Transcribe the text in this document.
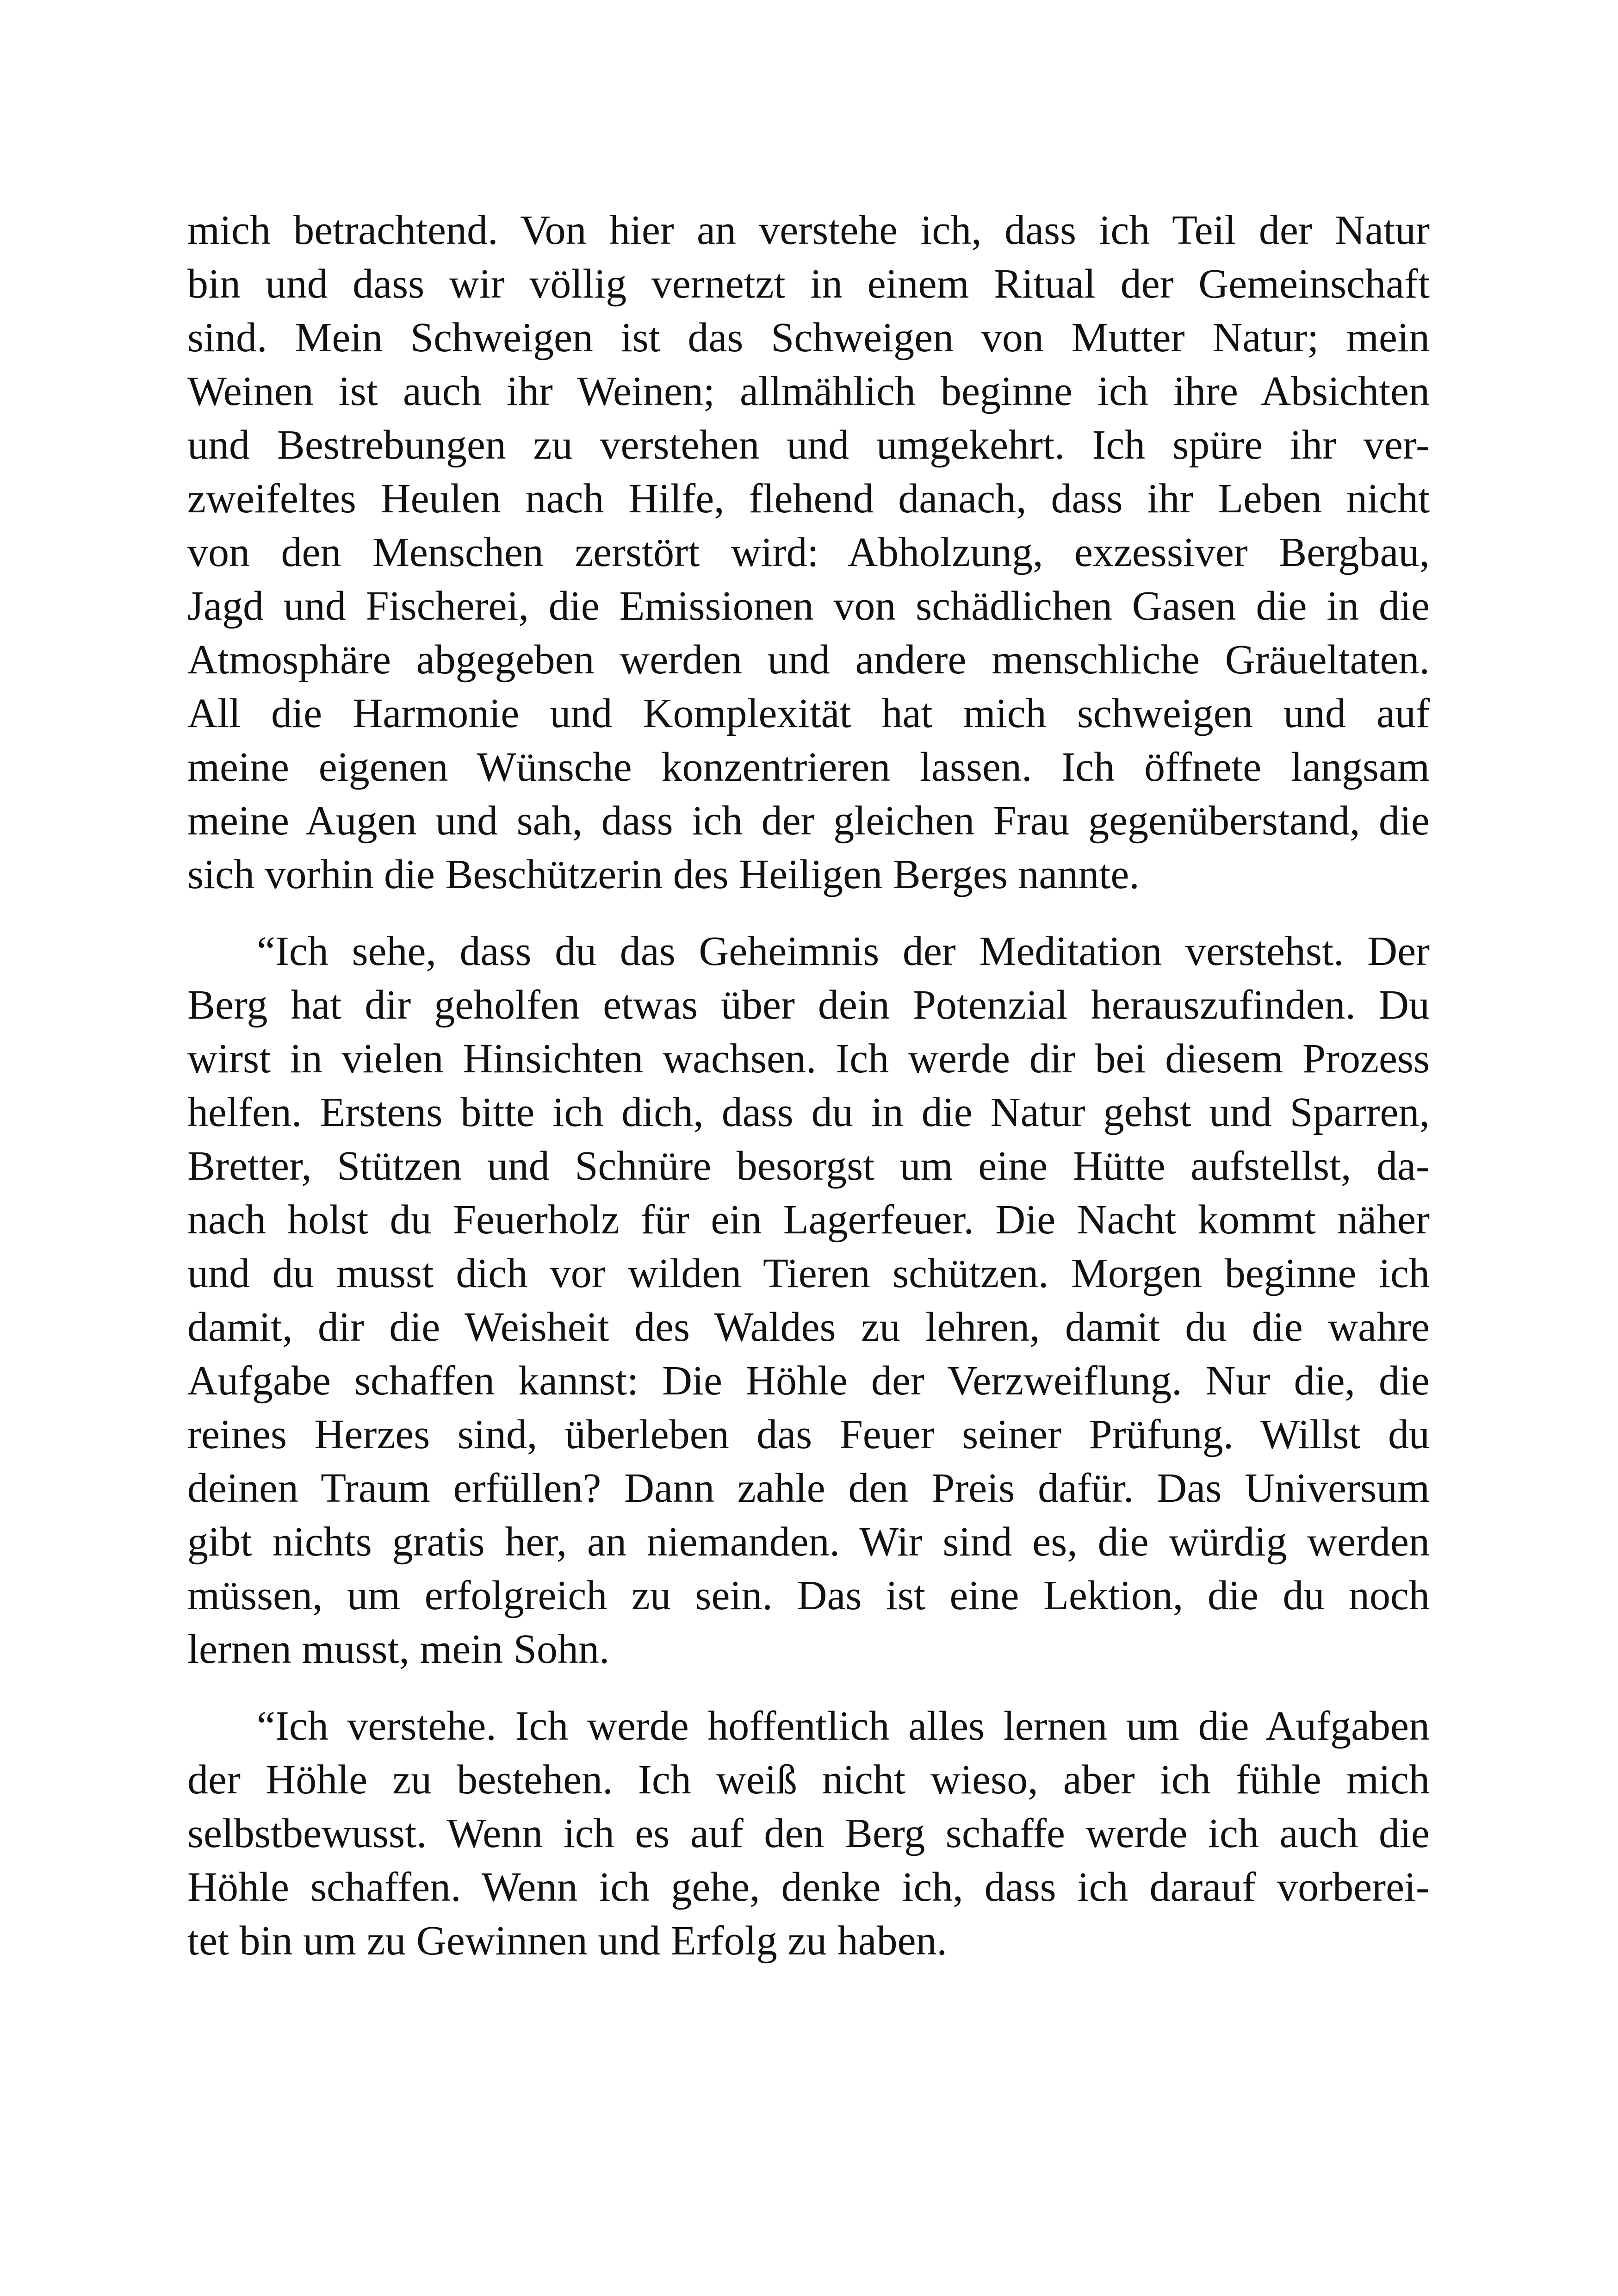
mich betrachtend. Von hier an verstehe ich, dass ich Teil der Natur
bin und dass wir völlig vernetzt in einem Ritual der Gemeinschaft
sind. Mein Schweigen ist das Schweigen von Mutter Natur; mein
Weinen ist auch ihr Weinen; allmählich beginne ich ihre Absichten
und Bestrebungen zu verstehen und umgekehrt. Ich spüre ihr ver-
zweifeltes Heulen nach Hilfe, flehend danach, dass ihr Leben nicht
von den Menschen zerstört wird: Abholzung, exzessiver Bergbau,
Jagd und Fischerei, die Emissionen von schädlichen Gasen die in die
Atmosphäre abgegeben werden und andere menschliche Gräueltaten.
All die Harmonie und Komplexität hat mich schweigen und auf
meine eigenen Wünsche konzentrieren lassen. Ich öffnete langsam
meine Augen und sah, dass ich der gleichen Frau gegenüberstand, die
sich vorhin die Beschützerin des Heiligen Berges nannte.

“Ich sehe, dass du das Geheimnis der Meditation verstehst. Der
Berg hat dir geholfen etwas über dein Potenzial herauszufinden. Du
wirst in vielen Hinsichten wachsen. Ich werde dir bei diesem Prozess
helfen. Erstens bitte ich dich, dass du in die Natur gehst und Sparren,
Bretter, Stützen und Schnüre besorgst um eine Hütte aufstellst, da-
nach holst du Feuerholz für ein Lagerfeuer. Die Nacht kommt näher
und du musst dich vor wilden Tieren schützen. Morgen beginne ich
damit, dir die Weisheit des Waldes zu lehren, damit du die wahre
Aufgabe schaffen kannst: Die Höhle der Verzweiflung. Nur die, die
reines Herzes sind, überleben das Feuer seiner Prüfung. Willst du
deinen Traum erfüllen? Dann zahle den Preis dafür. Das Universum
gibt nichts gratis her, an niemanden. Wir sind es, die würdig werden
müssen, um erfolgreich zu sein. Das ist eine Lektion, die du noch
lernen musst, mein Sohn.

“Ich verstehe. Ich werde hoffentlich alles lernen um die Aufgaben
der Höhle zu bestehen. Ich weiß nicht wieso, aber ich fühle mich
selbstbewusst. Wenn ich es auf den Berg schaffe werde ich auch die
Höhle schaffen. Wenn ich gehe, denke ich, dass ich darauf vorberei-
tet bin um zu Gewinnen und Erfolg zu haben.
